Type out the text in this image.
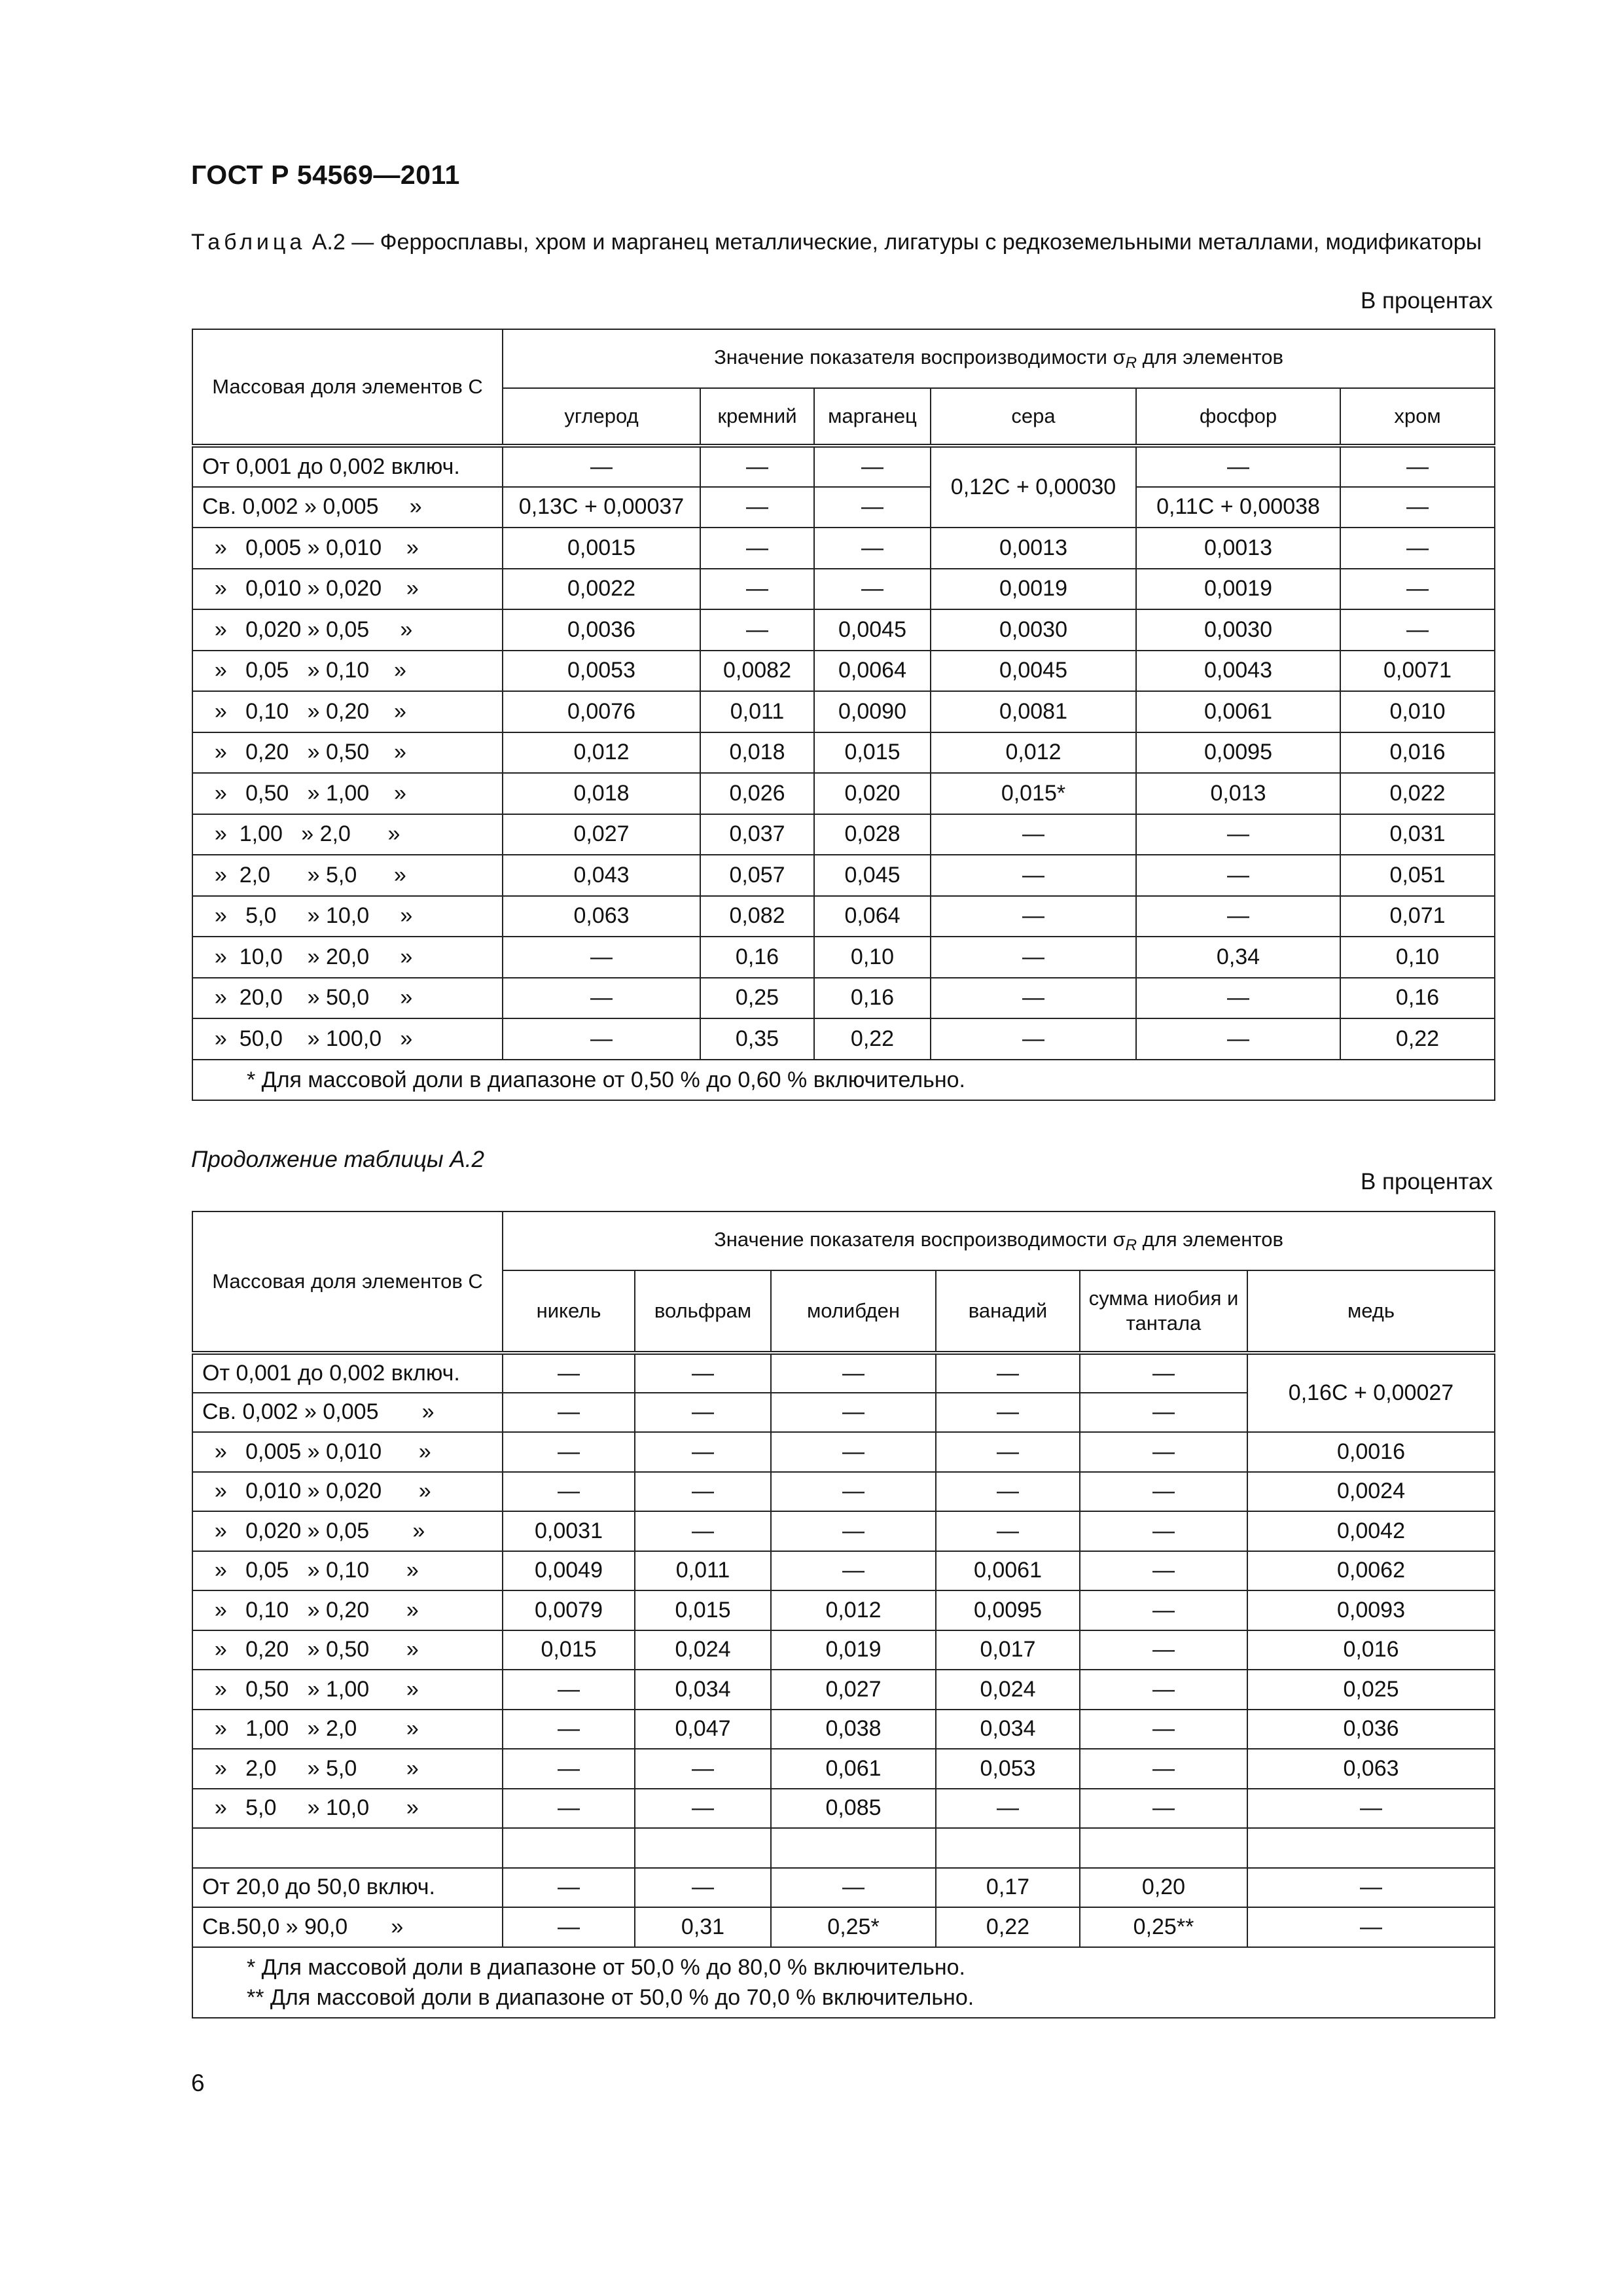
ГОСТ Р 54569—2011
Таблица А.2 — Ферросплавы, хром и марганец металлические, лигатуры с редкоземельными металлами, модификаторы
В процентах
Массовая доля элементов C	Значение показателя воспроизводимости $\sigma_R$ для элементов					
	углерод	кремний	марганец	сера	фосфор	хром
От 0,001 до 0,002 включ.	—	—	—	0,12С + 0,00030	—	—
Св. 0,002 » 0,005     »	0,13С + 0,00037	—	—		0,11С + 0,00038	—
»   0,005 » 0,010    »	0,0015	—	—	0,0013	0,0013	—
»   0,010 » 0,020    »	0,0022	—	—	0,0019	0,0019	—
»   0,020 » 0,05     »	0,0036	—	0,0045	0,0030	0,0030	—
»   0,05   » 0,10    »	0,0053	0,0082	0,0064	0,0045	0,0043	0,0071
»   0,10   » 0,20    »	0,0076	0,011	0,0090	0,0081	0,0061	0,010
»   0,20   » 0,50    »	0,012	0,018	0,015	0,012	0,0095	0,016
»   0,50   » 1,00    »	0,018	0,026	0,020	0,015*	0,013	0,022
»  1,00   » 2,0      »	0,027	0,037	0,028	—	—	0,031
»  2,0      » 5,0      »	0,043	0,057	0,045	—	—	0,051
»   5,0     » 10,0     »	0,063	0,082	0,064	—	—	0,071
»  10,0    » 20,0     »	—	0,16	0,10	—	0,34	0,10
»  20,0    » 50,0     »	—	0,25	0,16	—	—	0,16
»  50,0    » 100,0   »	—	0,35	0,22	—	—	0,22

* Для массовой доли в диапазоне от 0,50 % до 0,60 % включительно.						
Продолжение таблицы А.2
В процентах
Массовая доля элементов C	Значение показателя воспроизводимости $\sigma_R$ для элементов					
	никель	вольфрам	молибден	ванадий	сумма ниобия и тантала	медь
От 0,001 до 0,002 включ.	—	—	—	—	—	0,16С + 0,00027
Св. 0,002 » 0,005       »	—	—	—	—	—	
»   0,005 » 0,010      »	—	—	—	—	—	0,0016
»   0,010 » 0,020      »	—	—	—	—	—	0,0024
»   0,020 » 0,05       »	0,0031	—	—	—	—	0,0042
»   0,05   » 0,10      »	0,0049	0,011	—	0,0061	—	0,0062
»   0,10   » 0,20      »	0,0079	0,015	0,012	0,0095	—	0,0093
»   0,20   » 0,50      »	0,015	0,024	0,019	0,017	—	0,016
»   0,50   » 1,00      »	—	0,034	0,027	0,024	—	0,025
»   1,00   » 2,0        »	—	0,047	0,038	0,034	—	0,036
»   2,0     » 5,0        »	—	—	0,061	0,053	—	0,063
»   5,0     » 10,0      »	—	—	0,085	—	—	—

От 20,0 до 50,0 включ.	—	—	—	0,17	0,20	—
Св.50,0 » 90,0       »	—	0,31	0,25*	0,22	0,25**	—

* Для массовой доли в диапазоне от 50,0 % до 80,0 % включительно.
** Для массовой доли в диапазоне от 50,0 % до 70,0 % включительно.						
6
